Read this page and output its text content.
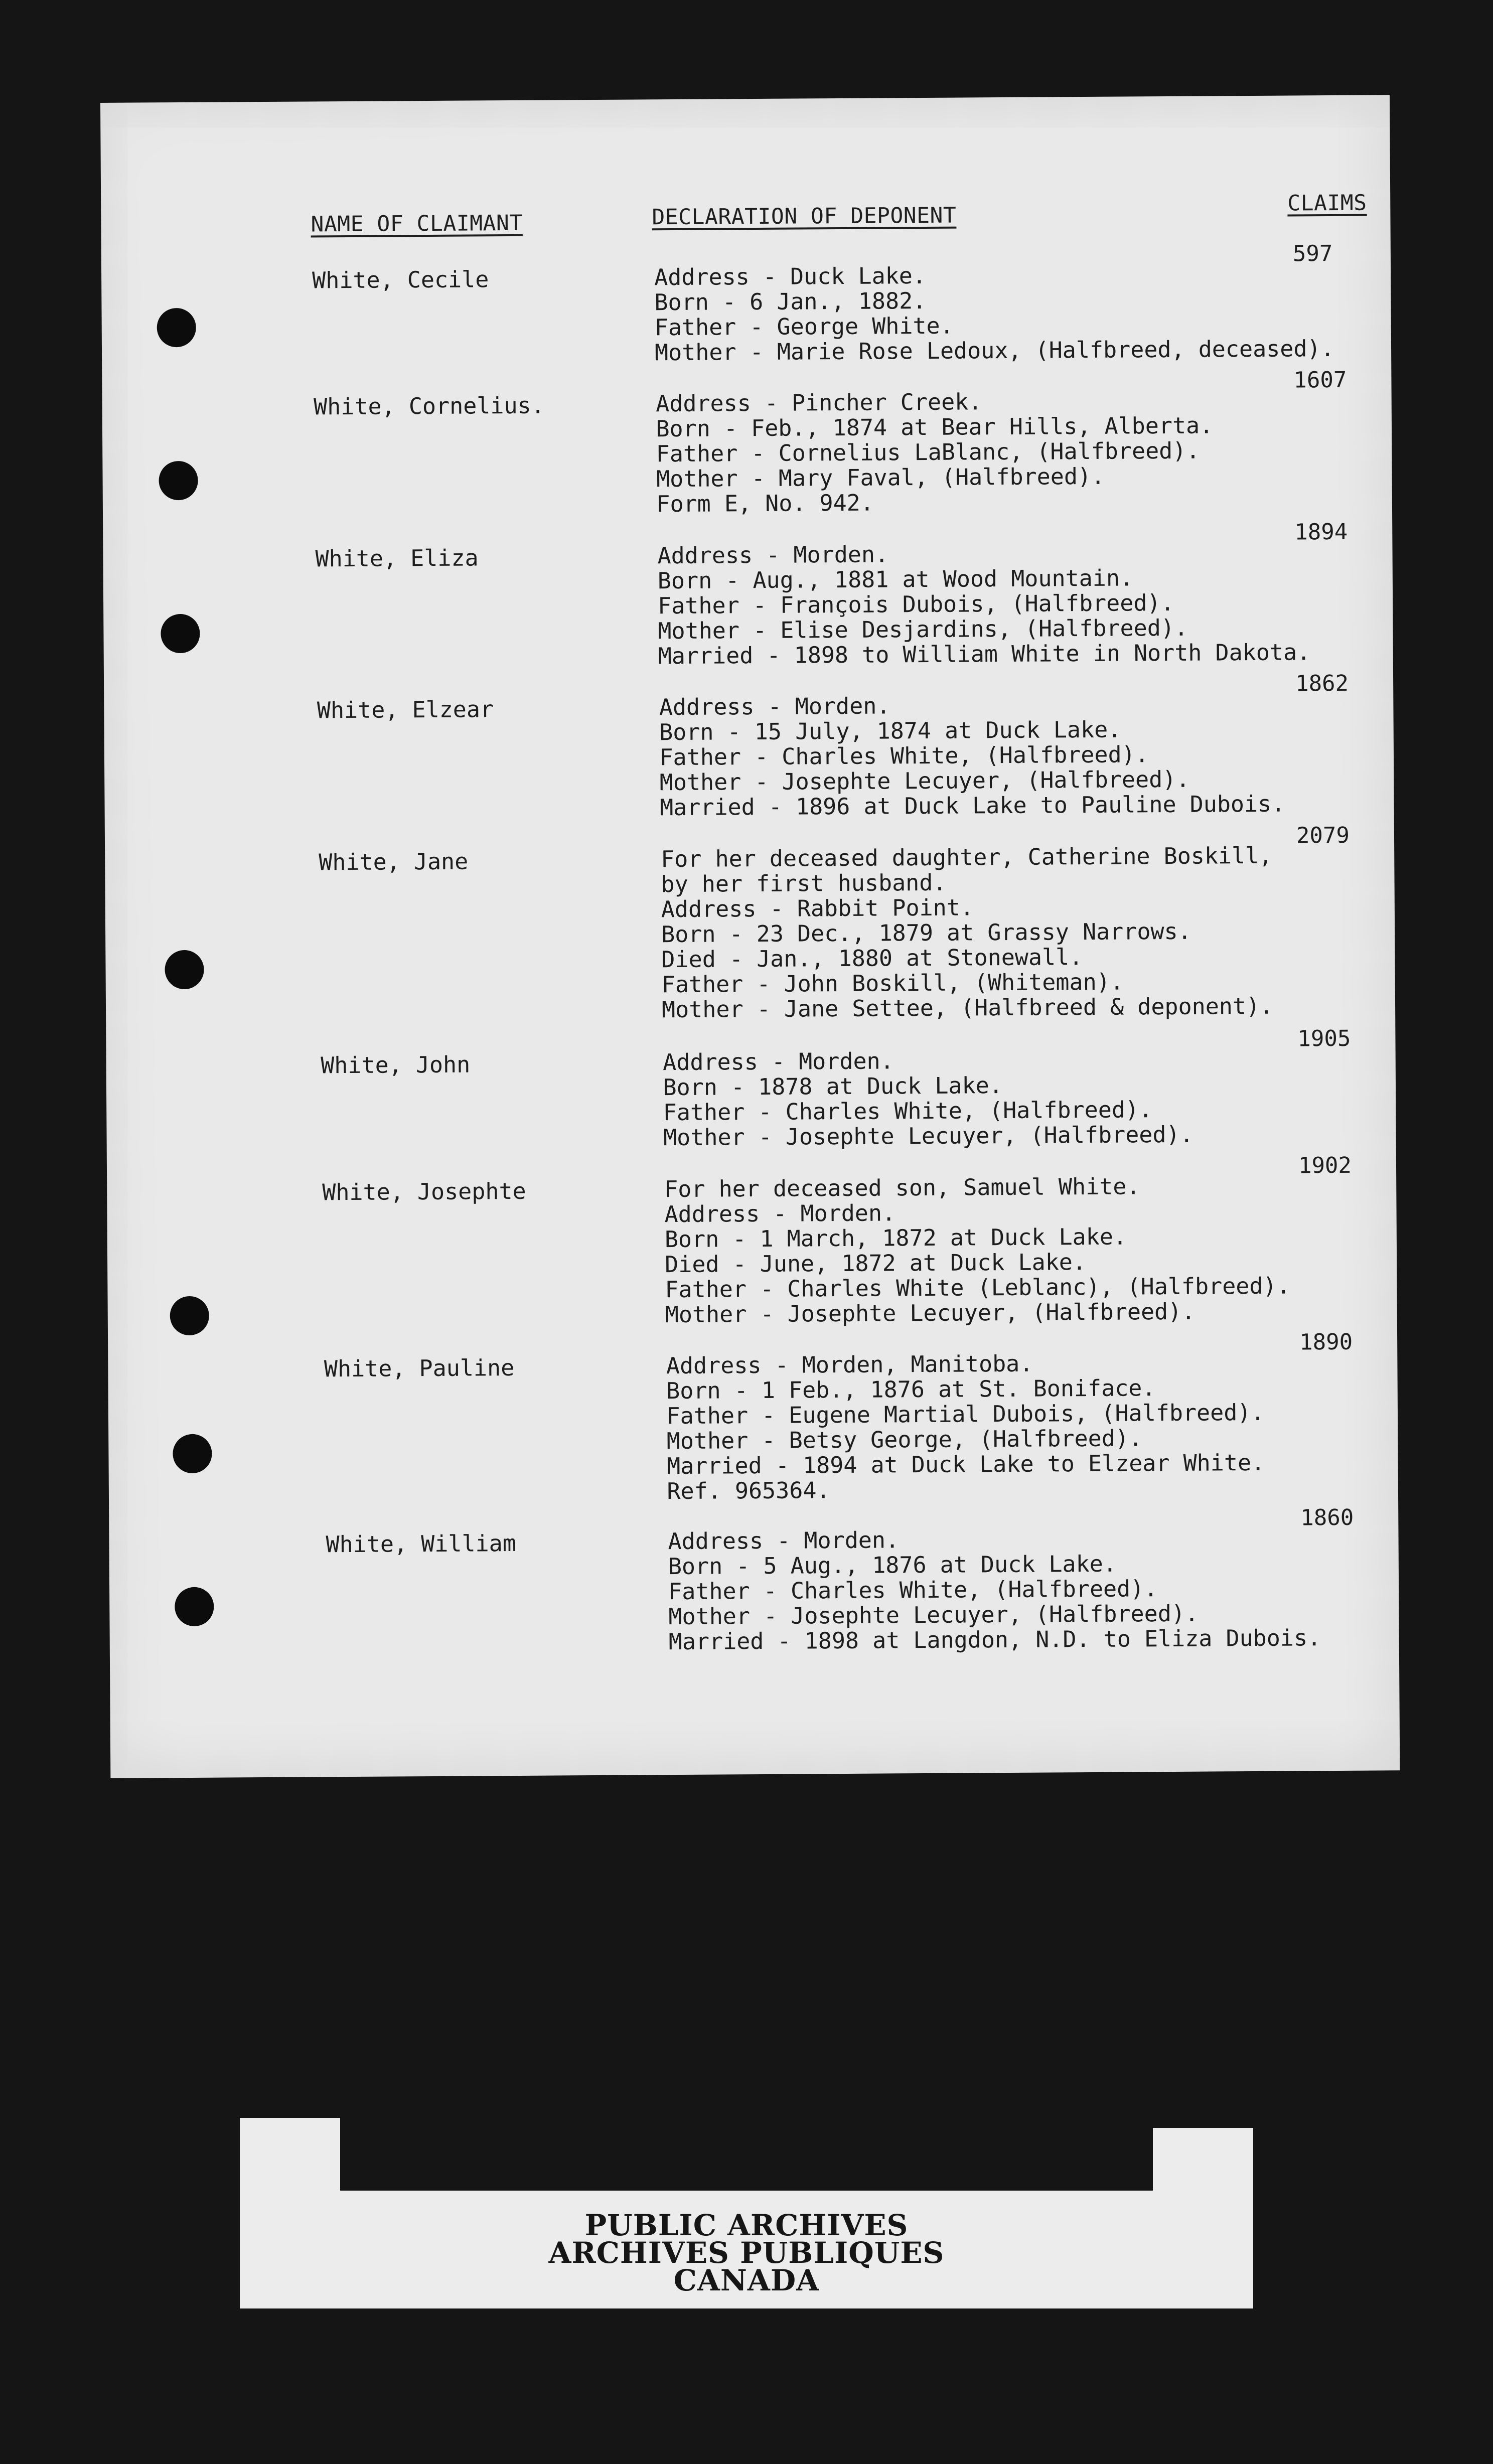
NAME OF CLAIMANT	DECLARATION OF DEPONENT	CLAIMS
White, Cecile
597
Address - Duck Lake.
Born - 6 Jan., 1882.
Father - George White.
Mother - Marie Rose Ledoux, (Halfbreed, deceased).
White, Cornelius.
1607
Address - Pincher Creek.
Born - Feb., 1874 at Bear Hills, Alberta.
Father - Cornelius LaBlanc, (Halfbreed).
Mother - Mary Faval, (Halfbreed).
Form E, No. 942.
White, Eliza
1894
Address - Morden.
Born - Aug., 1881 at Wood Mountain.
Father - François Dubois, (Halfbreed).
Mother - Elise Desjardins, (Halfbreed).
Married - 1898 to William White in North Dakota.
White, Elzear
1862
Address - Morden.
Born - 15 July, 1874 at Duck Lake.
Father - Charles White, (Halfbreed).
Mother - Josephte Lecuyer, (Halfbreed).
Married - 1896 at Duck Lake to Pauline Dubois.
White, Jane
2079
For her deceased daughter, Catherine Boskill,
by her first husband.
Address - Rabbit Point.
Born - 23 Dec., 1879 at Grassy Narrows.
Died - Jan., 1880 at Stonewall.
Father - John Boskill, (Whiteman).
Mother - Jane Settee, (Halfbreed & deponent).
White, John
1905
Address - Morden.
Born - 1878 at Duck Lake.
Father - Charles White, (Halfbreed).
Mother - Josephte Lecuyer, (Halfbreed).
White, Josephte
1902
For her deceased son, Samuel White.
Address - Morden.
Born - 1 March, 1872 at Duck Lake.
Died - June, 1872 at Duck Lake.
Father - Charles White (Leblanc), (Halfbreed).
Mother - Josephte Lecuyer, (Halfbreed).
White, Pauline
1890
Address - Morden, Manitoba.
Born - 1 Feb., 1876 at St. Boniface.
Father - Eugene Martial Dubois, (Halfbreed).
Mother - Betsy George, (Halfbreed).
Married - 1894 at Duck Lake to Elzear White.
Ref. 965364.
White, William
1860
Address - Morden.
Born - 5 Aug., 1876 at Duck Lake.
Father - Charles White, (Halfbreed).
Mother - Josephte Lecuyer, (Halfbreed).
Married - 1898 at Langdon, N.D. to Eliza Dubois.
PUBLIC ARCHIVES
ARCHIVES PUBLIQUES
CANADA
